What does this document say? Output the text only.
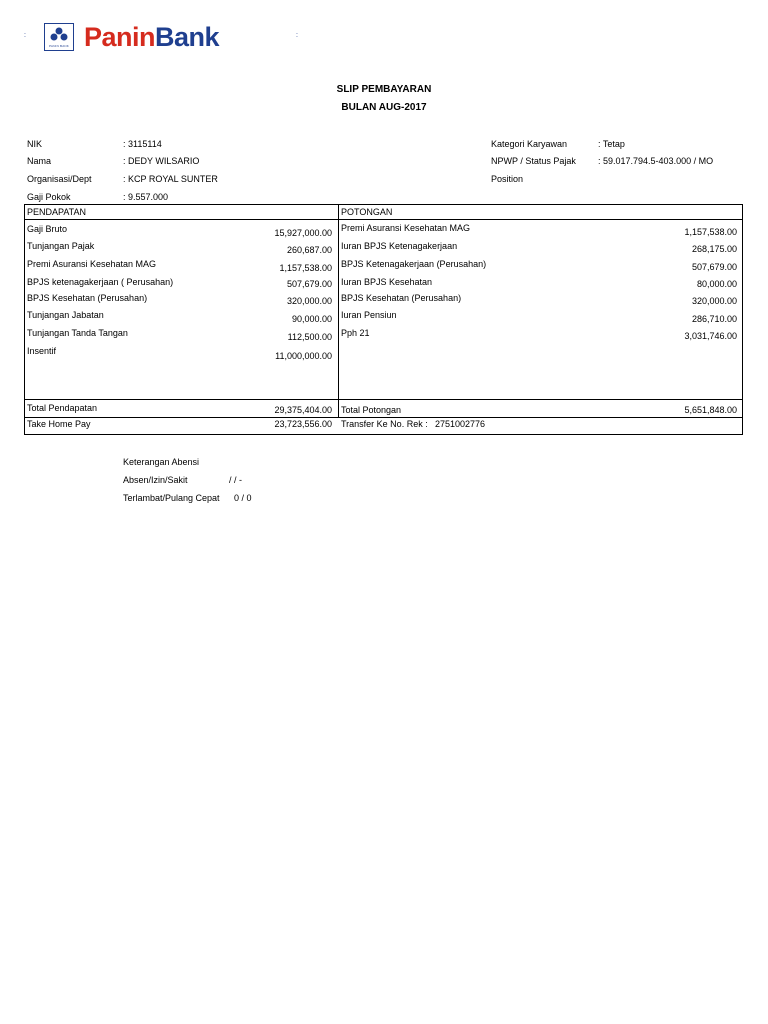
:	:
PANIN BANK PaninBank
SLIP PEMBAYARAN
BULAN AUG-2017
NIK	: 3115114
Nama	: DEDY WILSARIO
Organisasi/Dept	: KCP ROYAL SUNTER
Gaji Pokok	: 9.557.000
Kategori Karyawan	: Tetap
NPWP / Status Pajak : 59.017.794.5-403.000 / MO
Position
PENDAPATAN
Gaji Bruto	15,927,000.00
Tunjangan Pajak	260,687.00
Premi Asuransi Kesehatan MAG	1,157,538.00
BPJS ketenagakerjaan ( Perusahan)	507,679.00
BPJS Kesehatan (Perusahan)	320,000.00
Tunjangan Jabatan	90,000.00
Tunjangan Tanda Tangan	112,500.00
Insentif	11,000,000.00
POTONGAN
Premi Asuransi Kesehatan MAG	1,157,538.00
Iuran BPJS Ketenagakerjaan	268,175.00
BPJS Ketenagakerjaan (Perusahan)	507,679.00
Iuran BPJS Kesehatan	80,000.00
BPJS Kesehatan (Perusahan)	320,000.00
Iuran Pensiun	286,710.00
Pph 21	3,031,746.00
Total Pendapatan	29,375,404.00 Total Potongan	5,651,848.00
Take Home Pay	23,723,556.00 Transfer Ke No. Rek : 2751002776
Keterangan Abensi
Absen/Izin/Sakit	/ / -
Terlambat/Pulang Cepat 0 / 0
